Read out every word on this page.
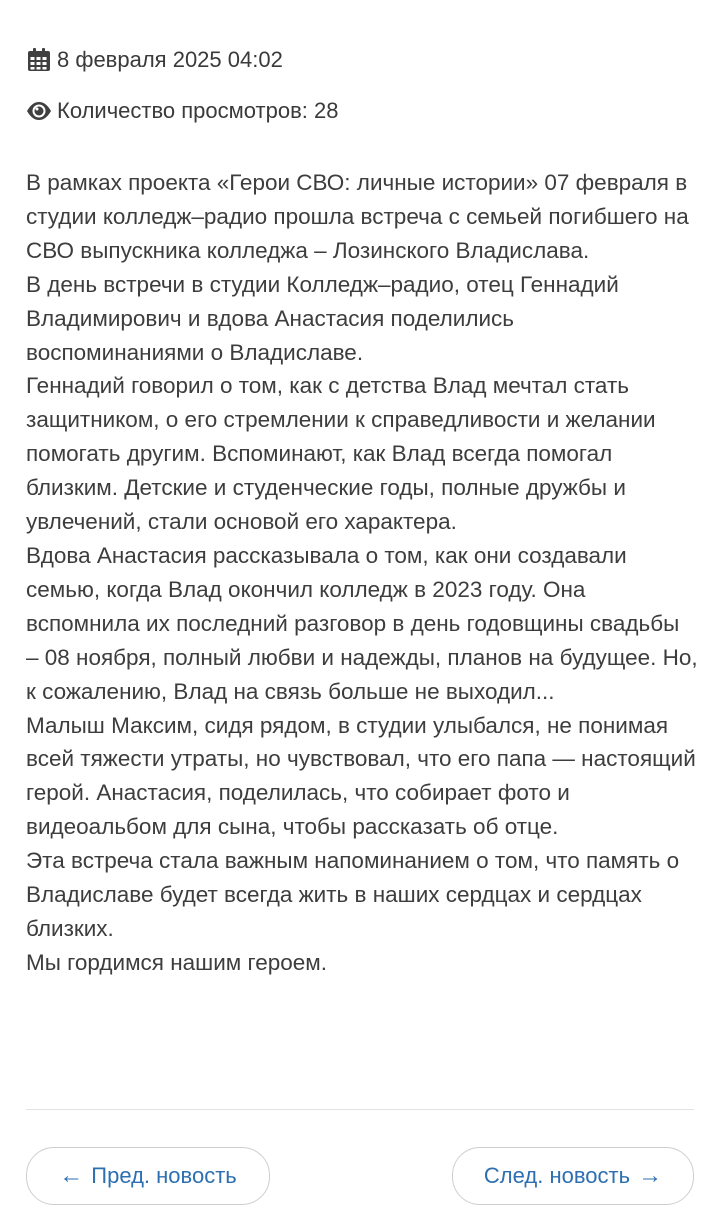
8 февраля 2025 04:02
Количество просмотров: 28

В рамках проекта «Герои СВО: личные истории» 07 февраля в студии колледж–радио прошла встреча с семьей погибшего на СВО выпускника колледжа – Лозинского Владислава.

В день встречи в студии Колледж–радио, отец Геннадий Владимирович и вдова Анастасия поделились воспоминаниями о Владиславе.

Геннадий говорил о том, как с детства Влад мечтал стать защитником, о его стремлении к справедливости и желании помогать другим. Вспоминают, как Влад всегда помогал близким. Детские и студенческие годы, полные дружбы и увлечений, стали основой его характера.

Вдова Анастасия рассказывала о том, как они создавали семью, когда Влад окончил колледж в 2023 году. Она вспомнила их последний разговор в день годовщины свадьбы – 08 ноября, полный любви и надежды, планов на будущее. Но, к сожалению, Влад на связь больше не выходил...

Малыш Максим, сидя рядом, в студии улыбался, не понимая всей тяжести утраты, но чувствовал, что его папа — настоящий герой. Анастасия, поделилась, что собирает фото и видеоальбом для сына, чтобы рассказать об отце.

Эта встреча стала важным напоминанием о том, что память о Владиславе будет всегда жить в наших сердцах и сердцах близких.

Мы гордимся нашим героем.

← Пред. новость	След. новость →
